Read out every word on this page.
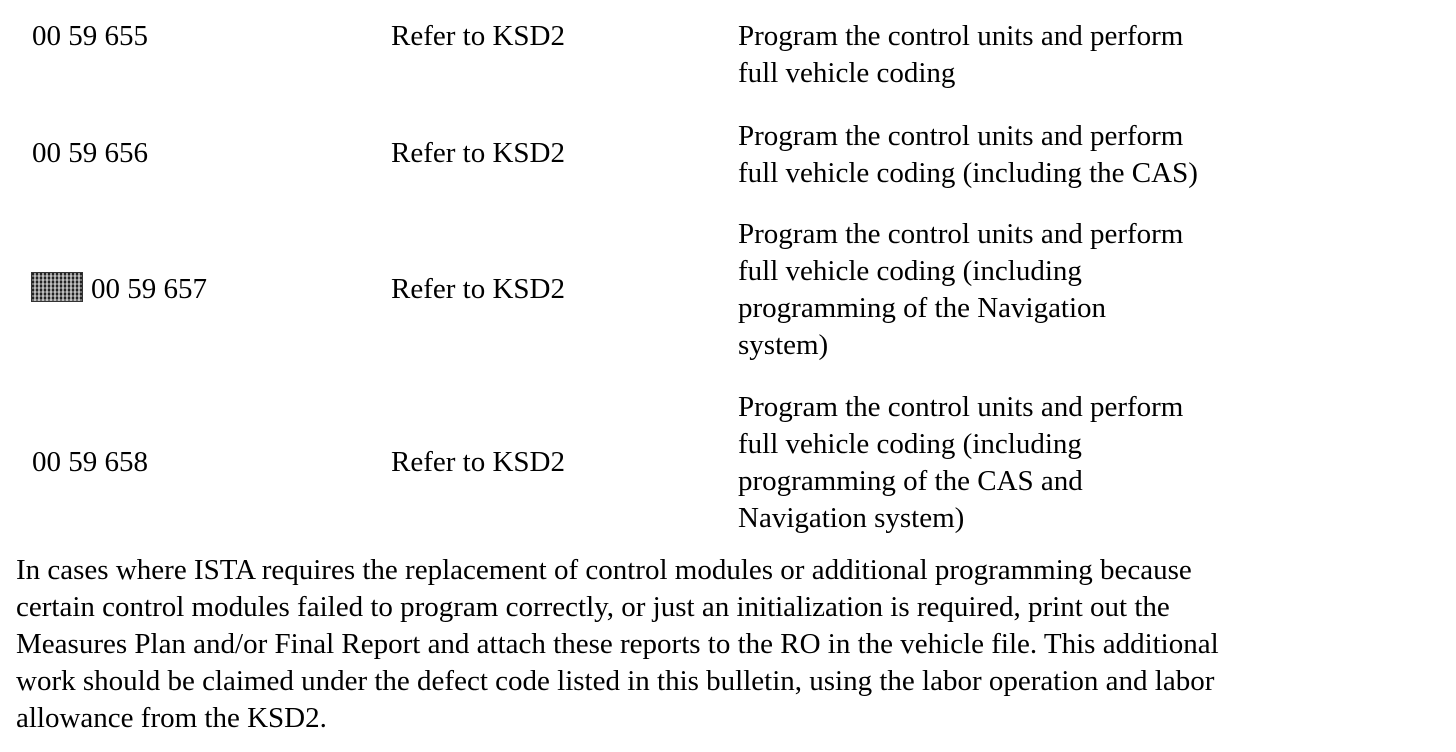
00 59 655	Refer to KSD2	Program the control units and perform
full vehicle coding
00 59 656	Refer to KSD2
Program the control units and perform
full vehicle coding (including the CAS)
00 59 657	Refer to KSD2
Program the control units and perform
full vehicle coding (including
programming of the Navigation
system)
00 59 658	Refer to KSD2
Program the control units and perform
full vehicle coding (including
programming of the CAS and
Navigation system)
In cases where ISTA requires the replacement of control modules or additional programming because
certain control modules failed to program correctly, or just an initialization is required, print out the
Measures Plan and/or Final Report and attach these reports to the RO in the vehicle file. This additional
work should be claimed under the defect code listed in this bulletin, using the labor operation and labor
allowance from the KSD2.
